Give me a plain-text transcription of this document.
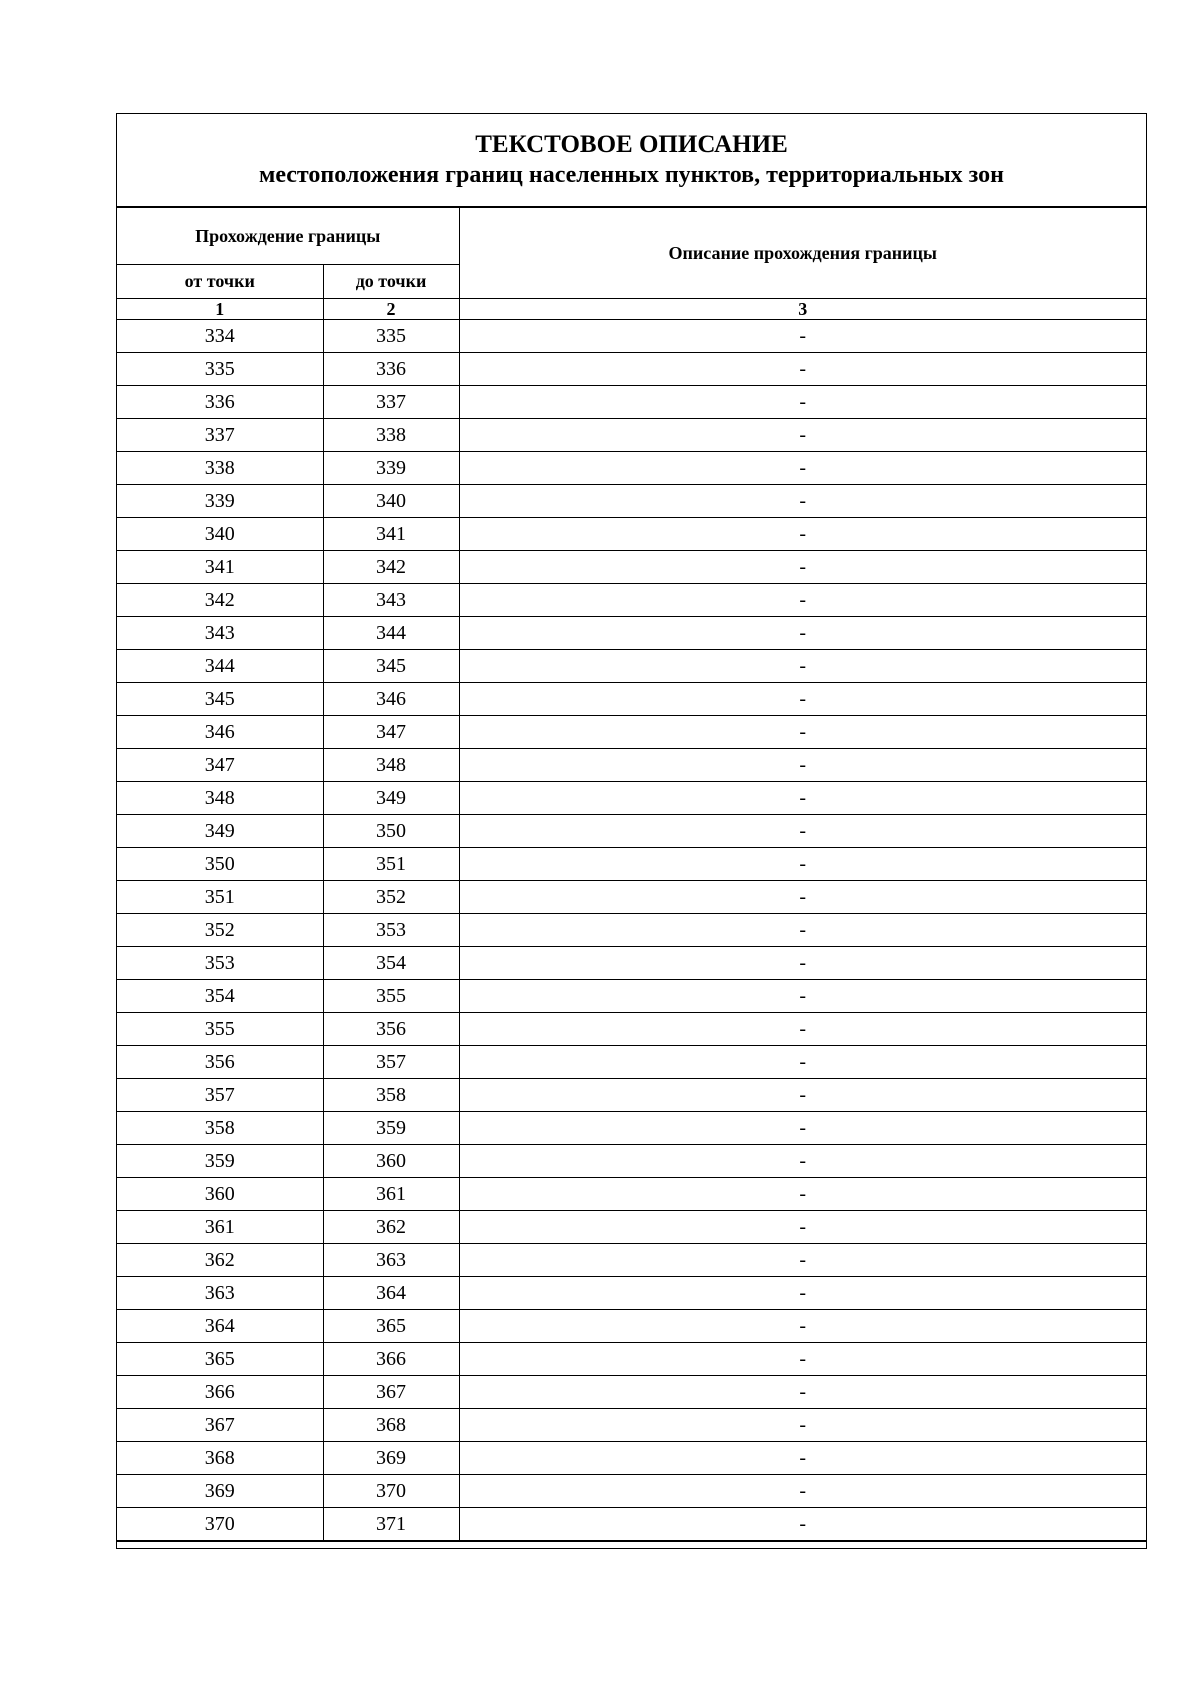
ТЕКСТОВОЕ ОПИСАНИЕ
местоположения границ населенных пунктов, территориальных зон
Прохождение границы		Описание прохождения границы
от точки	до точки	
1	2	3
334	335	-
335	336	-
336	337	-
337	338	-
338	339	-
339	340	-
340	341	-
341	342	-
342	343	-
343	344	-
344	345	-
345	346	-
346	347	-
347	348	-
348	349	-
349	350	-
350	351	-
351	352	-
352	353	-
353	354	-
354	355	-
355	356	-
356	357	-
357	358	-
358	359	-
359	360	-
360	361	-
361	362	-
362	363	-
363	364	-
364	365	-
365	366	-
366	367	-
367	368	-
368	369	-
369	370	-
370	371	-
